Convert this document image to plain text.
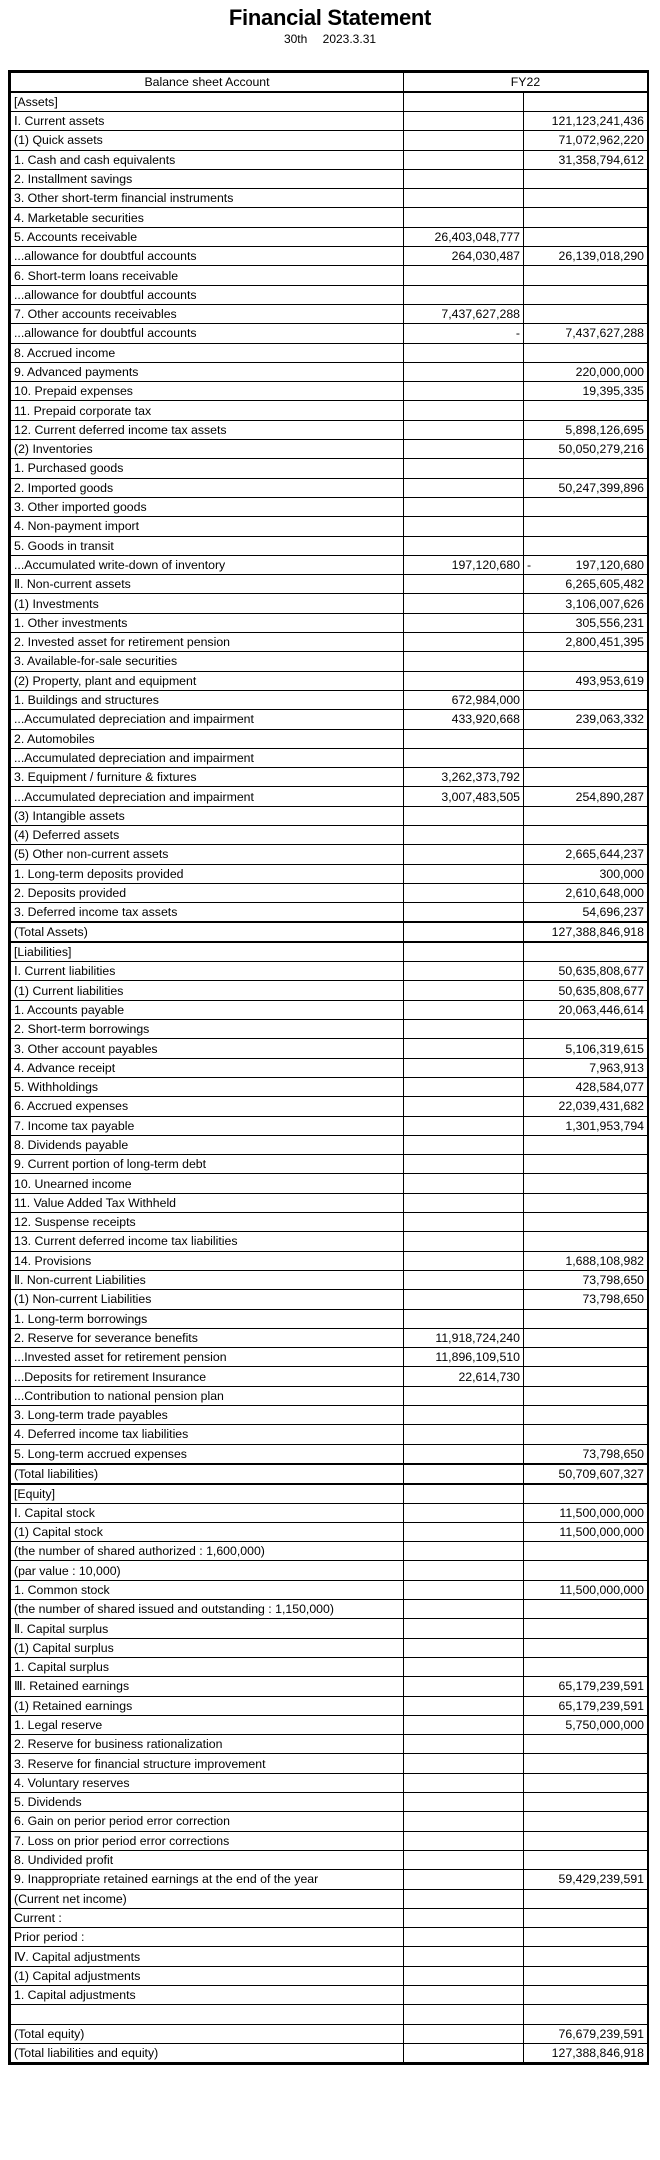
Financial Statement
30th 2023.3.31
Balance sheet Account	FY22	
[Assets]		
Ⅰ. Current assets		121,123,241,436
(1) Quick assets		71,072,962,220
1. Cash and cash equivalents		31,358,794,612
2. Installment savings		
3. Other short-term financial instruments		
4. Marketable securities		
5. Accounts receivable	26,403,048,777	
...allowance for doubtful accounts	264,030,487	26,139,018,290
6. Short-term loans receivable		
...allowance for doubtful accounts		
7. Other accounts receivables	7,437,627,288	
...allowance for doubtful accounts	-	7,437,627,288
8. Accrued income		
9. Advanced payments		220,000,000
10. Prepaid expenses		19,395,335
11. Prepaid corporate tax		
12. Current deferred income tax assets		5,898,126,695
(2) Inventories		50,050,279,216
1. Purchased goods		
2. Imported goods		50,247,399,896
3. Other imported goods		
4. Non-payment import		
5. Goods in transit		
...Accumulated write-down of inventory	197,120,680	- 197,120,680
Ⅱ. Non-current assets		6,265,605,482
(1) Investments		3,106,007,626
1. Other investments		305,556,231
2. Invested asset for retirement pension		2,800,451,395
3. Available-for-sale securities		
(2) Property, plant and equipment		493,953,619
1. Buildings and structures	672,984,000	
...Accumulated depreciation and impairment	433,920,668	239,063,332
2. Automobiles		
...Accumulated depreciation and impairment		
3. Equipment / furniture & fixtures	3,262,373,792	
...Accumulated depreciation and impairment	3,007,483,505	254,890,287
(3) Intangible assets		
(4) Deferred assets		
(5) Other non-current assets		2,665,644,237
1. Long-term deposits provided		300,000
2. Deposits provided		2,610,648,000
3. Deferred income tax assets		54,696,237
(Total Assets)		127,388,846,918
[Liabilities]		
Ⅰ. Current liabilities		50,635,808,677
(1) Current liabilities		50,635,808,677
1. Accounts payable		20,063,446,614
2. Short-term borrowings		
3. Other account payables		5,106,319,615
4. Advance receipt		7,963,913
5. Withholdings		428,584,077
6. Accrued expenses		22,039,431,682
7. Income tax payable		1,301,953,794
8. Dividends payable		
9. Current portion of long-term debt		
10. Unearned income		
11. Value Added Tax Withheld		
12. Suspense receipts		
13. Current deferred income tax liabilities		
14. Provisions		1,688,108,982
Ⅱ. Non-current Liabilities		73,798,650
(1) Non-current Liabilities		73,798,650
1. Long-term borrowings		
2. Reserve for severance benefits	11,918,724,240	
...Invested asset for retirement pension	11,896,109,510	
...Deposits for retirement Insurance	22,614,730	
...Contribution to national pension plan		
3. Long-term trade payables		
4. Deferred income tax liabilities		
5. Long-term accrued expenses		73,798,650
(Total liabilities)		50,709,607,327
[Equity]		
Ⅰ. Capital stock		11,500,000,000
(1) Capital stock		11,500,000,000
(the number of shared authorized : 1,600,000)		
(par value : 10,000)		
1. Common stock		11,500,000,000
(the number of shared issued and outstanding : 1,150,000)		
Ⅱ. Capital surplus		
(1) Capital surplus		
1. Capital surplus		
Ⅲ. Retained earnings		65,179,239,591
(1) Retained earnings		65,179,239,591
1. Legal reserve		5,750,000,000
2. Reserve for business rationalization		
3. Reserve for financial structure improvement		
4. Voluntary reserves		
5. Dividends		
6. Gain on perior period error correction		
7. Loss on prior period error corrections		
8. Undivided profit		
9. Inappropriate retained earnings at the end of the year		59,429,239,591
(Current net income)		
Current :		
Prior period :		
Ⅳ. Capital adjustments		
(1) Capital adjustments		
1. Capital adjustments		

(Total equity)		76,679,239,591
(Total liabilities and equity)		127,388,846,918
